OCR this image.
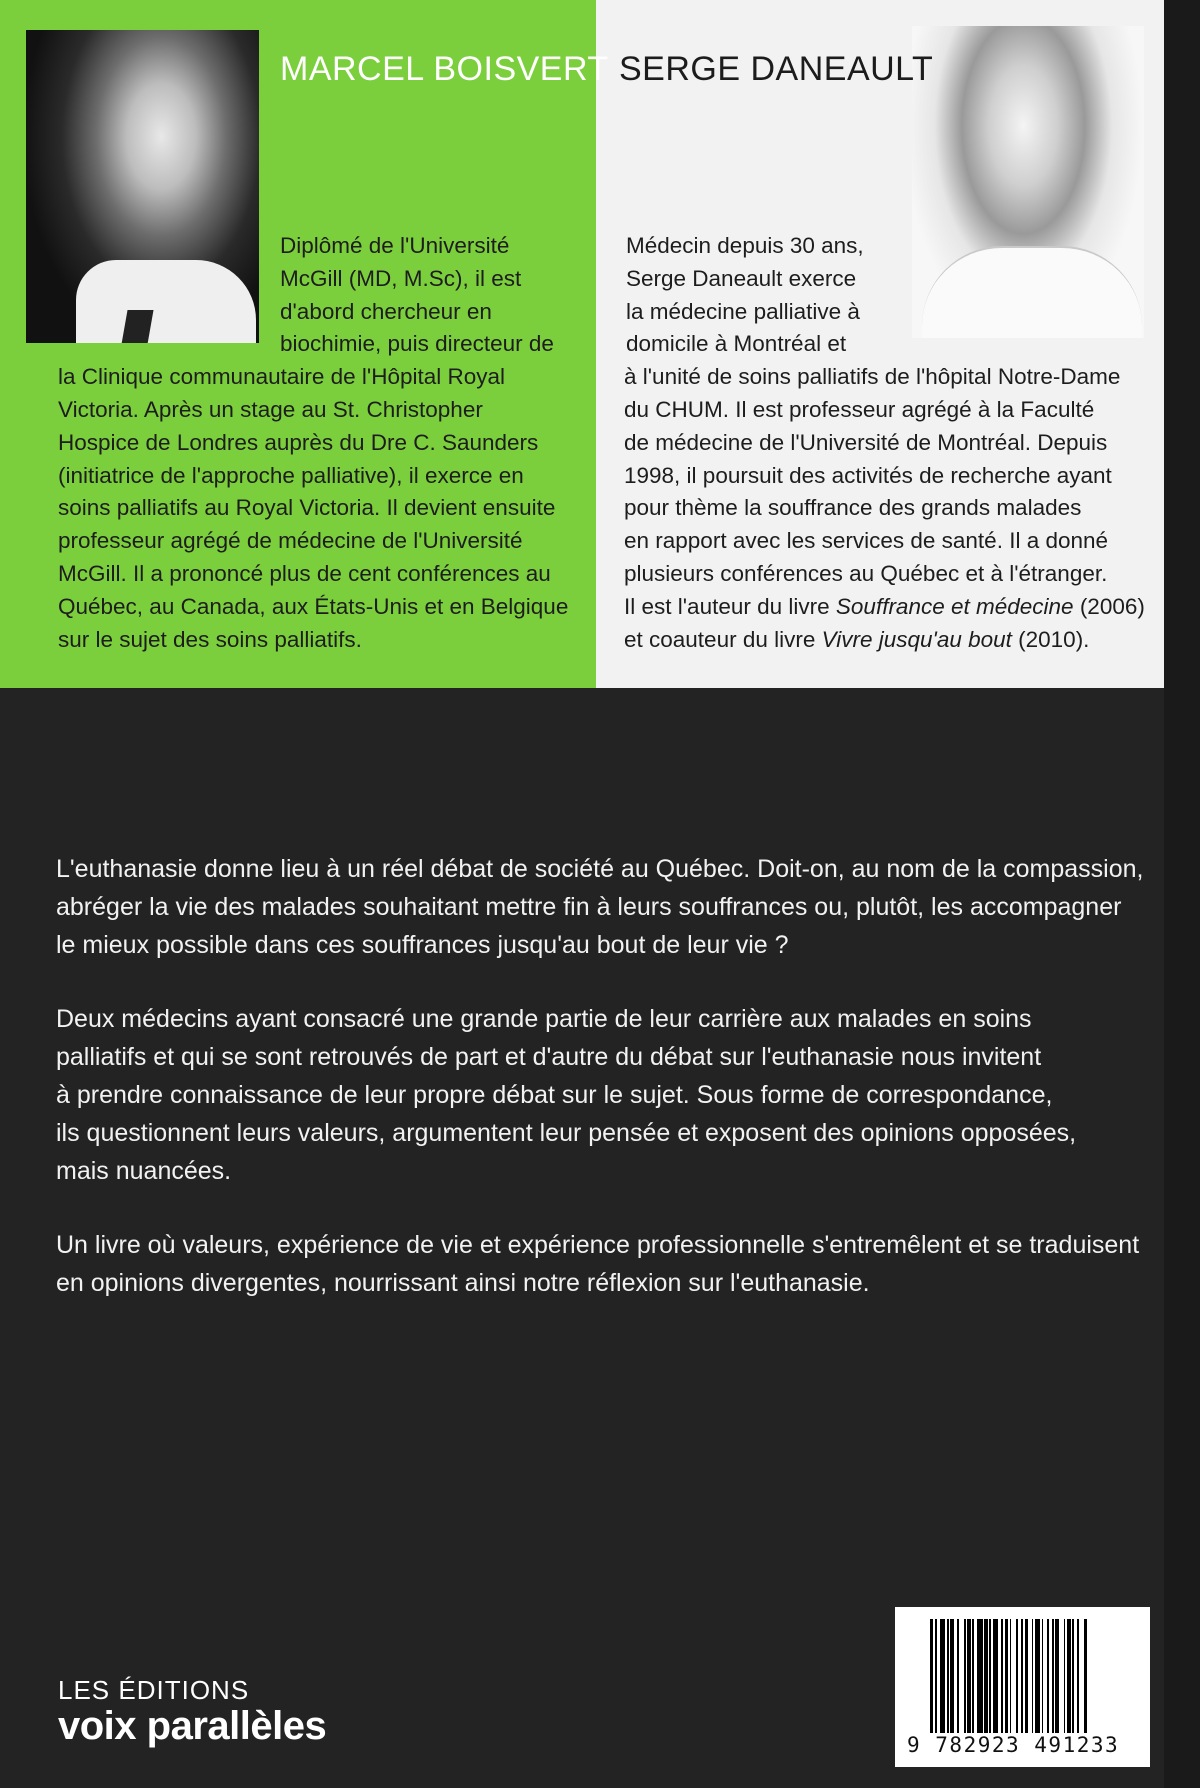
MARCEL BOISVERT SERGE DANEAULT

Diplômé de l'Université

McGill (MD, M.Sc), il est

d'abord chercheur en

biochimie, puis directeur de

la Clinique communautaire de l'Hôpital Royal

Victoria. Après un stage au St. Christopher

Hospice de Londres auprès du Dre C. Saunders

(initiatrice de l'approche palliative), il exerce en

soins palliatifs au Royal Victoria. Il devient ensuite

professeur agrégé de médecine de l'Université

McGill. Il a prononcé plus de cent conférences au

Québec, au Canada, aux États-Unis et en Belgique

sur le sujet des soins palliatifs.

Médecin depuis 30 ans,

Serge Daneault exerce

la médecine palliative à

domicile à Montréal et

à l'unité de soins palliatifs de l'hôpital Notre-Dame

du CHUM. Il est professeur agrégé à la Faculté

de médecine de l'Université de Montréal. Depuis

1998, il poursuit des activités de recherche ayant

pour thème la souffrance des grands malades

en rapport avec les services de santé. Il a donné

plusieurs conférences au Québec et à l'étranger.

Il est l'auteur du livre Souffrance et médecine (2006)

et coauteur du livre Vivre jusqu'au bout (2010).

L'euthanasie donne lieu à un réel débat de société au Québec. Doit-on, au nom de la compassion,
abréger la vie des malades souhaitant mettre fin à leurs souffrances ou, plutôt, les accompagner
le mieux possible dans ces souffrances jusqu'au bout de leur vie ?

Deux médecins ayant consacré une grande partie de leur carrière aux malades en soins
palliatifs et qui se sont retrouvés de part et d'autre du débat sur l'euthanasie nous invitent
à prendre connaissance de leur propre débat sur le sujet. Sous forme de correspondance,
ils questionnent leurs valeurs, argumentent leur pensée et exposent des opinions opposées,
mais nuancées.

Un livre où valeurs, expérience de vie et expérience professionnelle s'entremêlent et se traduisent
en opinions divergentes, nourrissant ainsi notre réflexion sur l'euthanasie.

LES ÉDITIONS
voix parallèles	9 782923 491233
